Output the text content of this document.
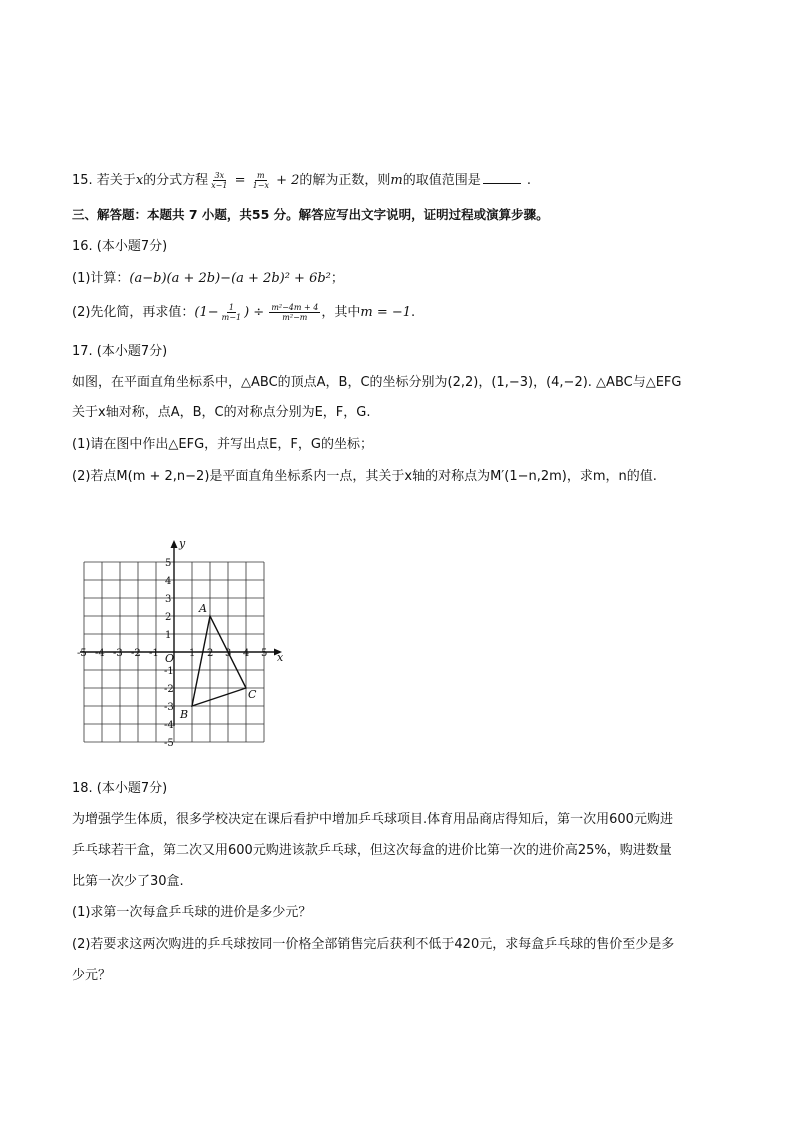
15. 若关于x的分式方程 $\frac{3x}{x-1} = \frac{m}{1-x} + 2$的解为正数，则m的取值范围是	.
三、解答题：本题共 7 小题，共55 分。解答应写出文字说明，证明过程或演算步骤。
16. (本小题7分)
(1)计算：(a−b)(a + 2b)−(a + 2b)² + 6b²；
(2)先化简，再求值：($1- \frac{1}{m-1}$ ) ÷ $\frac{\text{m²−4m + 4}}{\text{m²−m}}$ ，其中m = −1.
17. (本小题7分)
如图，在平面直角坐标系中，△ABC的顶点A，B，C的坐标分别为(2,2)，(1,−3)，(4,−2). △ABC与△EFG
关于x轴对称，点A，B，C的对称点分别为E，F，G.
(1)请在图中作出△EFG，并写出点E，F，G的坐标；
(2)若点M(m + 2,n−2)是平面直角坐标系内一点，其关于x轴的对称点为M′(1−n,2m)，求m，n的值.
x
y
O
-5 -4 -3 -2 -1	1 2 3 4 5
5
4
3
2
1
-1
-2
-3
-4
-5
A
B
C
18. (本小题7分)
为增强学生体质，很多学校决定在课后看护中增加乒乓球项目.体育用品商店得知后，第一次用600元购进
乒乓球若干盒，第二次又用600元购进该款乒乓球，但这次每盒的进价比第一次的进价高25%，购进数量
比第一次少了30盒.
(1)求第一次每盒乒乓球的进价是多少元？
(2)若要求这两次购进的乒乓球按同一价格全部销售完后获利不低于420元，求每盒乒乓球的售价至少是多
少元？
